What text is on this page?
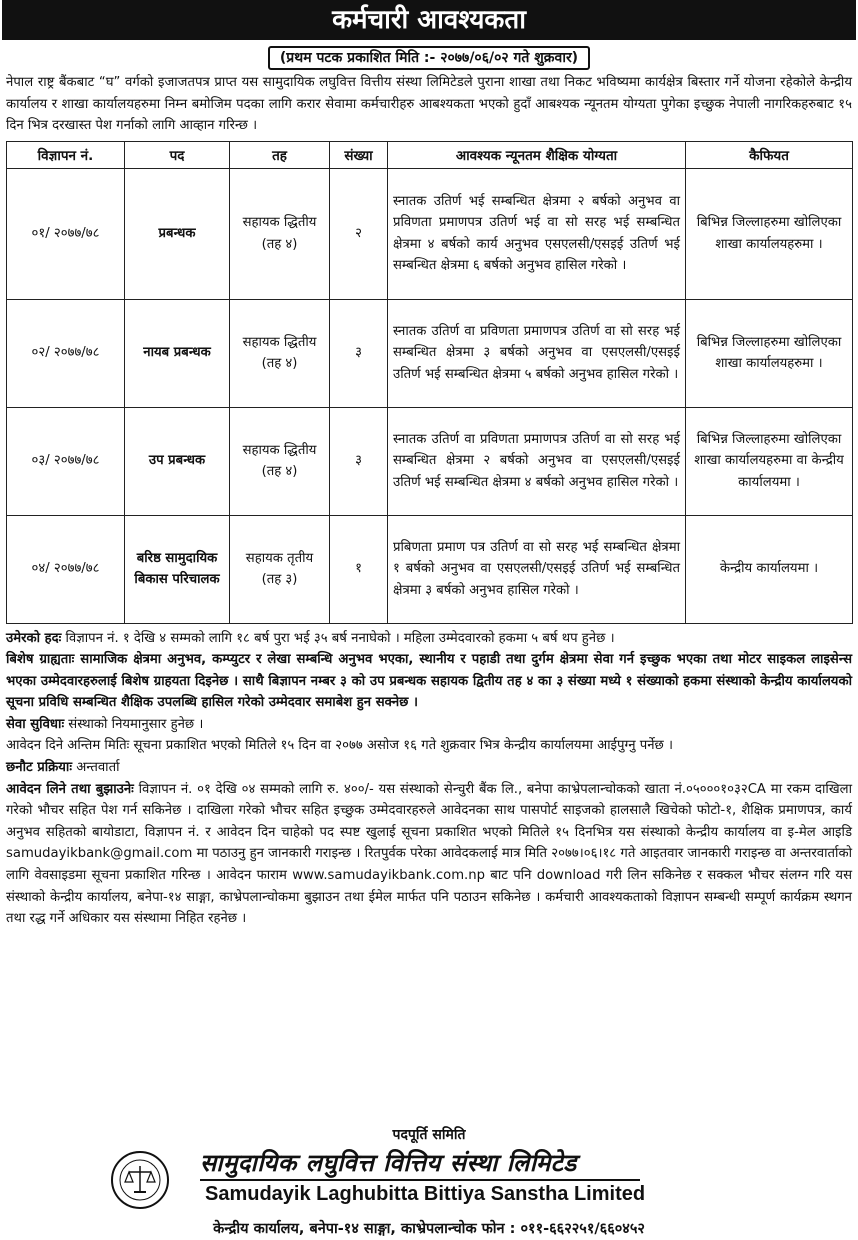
कर्मचारी आवश्यकता
(प्रथम पटक प्रकाशित मिति :- २०७७/०६/०२ गते शुक्रवार)
नेपाल राष्ट्र बैंकबाट “घ” वर्गको इजाजतपत्र प्राप्त यस सामुदायिक लघुवित्त वित्तीय संस्था लिमिटेडले पुराना शाखा तथा निकट भविष्यमा कार्यक्षेत्र बिस्तार गर्ने योजना रहेकोले केन्द्रीय कार्यालय र शाखा कार्यालयहरुमा निम्न बमोजिम पदका लागि करार सेवामा कर्मचारीहरु आबश्यकता भएको हुदाँ आबश्यक न्यूनतम योग्यता पुगेका इच्छुक नेपाली नागरिकहरुबाट १५ दिन भित्र दरखास्त पेश गर्नाको लागि आव्हान गरिन्छ ।
विज्ञापन नं.	पद	तह	संख्या	आवश्यक न्यूनतम शैक्षिक योग्यता	कैफियत
०१/ २०७७/७८	प्रबन्धक	सहायक द्धितीय (तह ४)	२	स्नातक उतिर्ण भई सम्बन्धित क्षेत्रमा २ बर्षको अनुभव वा प्रविणता प्रमाणपत्र उतिर्ण भई वा सो सरह भई सम्बन्धित क्षेत्रमा ४ बर्षको कार्य अनुभव एसएलसी/एसइई उतिर्ण भई सम्बन्धित क्षेत्रमा ६ बर्षको अनुभव हासिल गरेको ।	बिभिन्न जिल्लाहरुमा खोलिएका शाखा कार्यालयहरुमा ।
०२/ २०७७/७८	नायब प्रबन्धक	सहायक द्धितीय (तह ४)	३	स्नातक उतिर्ण वा प्रविणता प्रमाणपत्र उतिर्ण वा सो सरह भई सम्बन्धित क्षेत्रमा ३ बर्षको अनुभव वा एसएलसी/एसइई उतिर्ण भई सम्बन्धित क्षेत्रमा ५ बर्षको अनुभव हासिल गरेको ।	बिभिन्न जिल्लाहरुमा खोलिएका शाखा कार्यालयहरुमा ।
०३/ २०७७/७८	उप प्रबन्धक	सहायक द्धितीय (तह ४)	३	स्नातक उतिर्ण वा प्रविणता प्रमाणपत्र उतिर्ण वा सो सरह भई सम्बन्धित क्षेत्रमा २ बर्षको अनुभव वा एसएलसी/एसइई उतिर्ण भई सम्बन्धित क्षेत्रमा ४ बर्षको अनुभव हासिल गरेको ।	बिभिन्न जिल्लाहरुमा खोलिएका शाखा कार्यालयहरुमा वा केन्द्रीय कार्यालयमा ।
०४/ २०७७/७८	बरिष्ठ सामुदायिक बिकास परिचालक	सहायक तृतीय (तह ३)	१	प्रबिणता प्रमाण पत्र उतिर्ण वा सो सरह भई सम्बन्धित क्षेत्रमा १ बर्षको अनुभव वा एसएलसी/एसइई उतिर्ण भई सम्बन्धित क्षेत्रमा ३ बर्षको अनुभव हासिल गरेको ।	केन्द्रीय कार्यालयमा ।

उमेरको हदः विज्ञापन नं. १ देखि ४ सम्मको लागि १८ बर्ष पुरा भई ३५ बर्ष ननाघेको । महिला उम्मेदवारको हकमा ५ बर्ष थप हुनेछ ।

बिशेष ग्राह्यताः सामाजिक क्षेत्रमा अनुभव, कम्प्युटर र लेखा सम्बन्धि अनुभव भएका, स्थानीय र पहाडी तथा दुर्गम क्षेत्रमा सेवा गर्न इच्छुक भएका तथा मोटर साइकल लाइसेन्स भएका उम्मेदवारहरुलाई बिशेष ग्राहयता दिइनेछ । साथै बिज्ञापन नम्बर ३ को उप प्रबन्धक सहायक द्वितीय तह ४ का ३ संख्या मध्ये १ संख्याको हकमा संस्थाको केन्द्रीय कार्यालयको सूचना प्रविधि सम्बन्धित शैक्षिक उपलब्धि हासिल गरेको उम्मेदवार समाबेश हुन सक्नेछ ।

सेवा सुविधाः संस्थाको नियमानुसार हुनेछ ।

आवेदन दिने अन्तिम मितिः सूचना प्रकाशित भएको मितिले १५ दिन वा २०७७ असोज १६ गते शुक्रवार भित्र केन्द्रीय कार्यालयमा आईपुग्नु पर्नेछ ।

छनौट प्रक्रियाः अन्तवार्ता

आवेदन लिने तथा बुझाउनेः विज्ञापन नं. ०१ देखि ०४ सम्मको लागि रु. ४००/- यस संस्थाको सेन्चुरी बैंक लि., बनेपा काभ्रेपलान्चोकको खाता नं.०५०००१०३२CA मा रकम दाखिला गरेको भौचर सहित पेश गर्न सकिनेछ । दाखिला गरेको भौचर सहित इच्छुक उम्मेदवारहरुले आवेदनका साथ पासपोर्ट साइजको हालसालै खिचेको फोटो-१, शैक्षिक प्रमाणपत्र, कार्य अनुभव सहितको बायोडाटा, विज्ञापन नं. र आवेदन दिन चाहेको पद स्पष्ट खुलाई सूचना प्रकाशित भएको मितिले १५ दिनभित्र यस संस्थाको केन्द्रीय कार्यालय वा इ-मेल आइडि samudayikbank@gmail.com मा पठाउनु हुन जानकारी गराइन्छ । रितपुर्वक परेका आवेदकलाई मात्र मिति २०७७।०६।१८ गते आइतवार जानकारी गराइन्छ वा अन्तरवार्ताको लागि वेवसाइडमा सूचना प्रकाशित गरिन्छ । आवेदन फाराम www.samudayikbank.com.np बाट पनि download गरी लिन सकिनेछ र सक्कल भौचर संलग्न गरि यस संस्थाको केन्द्रीय कार्यालय, बनेपा-१४ साङ्गा, काभ्रेपलान्चोकमा बुझाउन तथा ईमेल मार्फत पनि पठाउन सकिनेछ । कर्मचारी आवश्यकताको विज्ञापन सम्बन्धी सम्पूर्ण कार्यक्रम स्थगन तथा रद्ध गर्ने अधिकार यस संस्थामा निहित रहनेछ ।

पदपूर्ति समिति
सामुदायिक लघुवित्त वित्तिय संस्था लिमिटेड
Samudayik Laghubitta Bittiya Sanstha Limited
केन्द्रीय कार्यालय, बनेपा-१४ साङ्गा, काभ्रेपलान्चोक फोन : ०११-६६२२५१/६६०४५२
